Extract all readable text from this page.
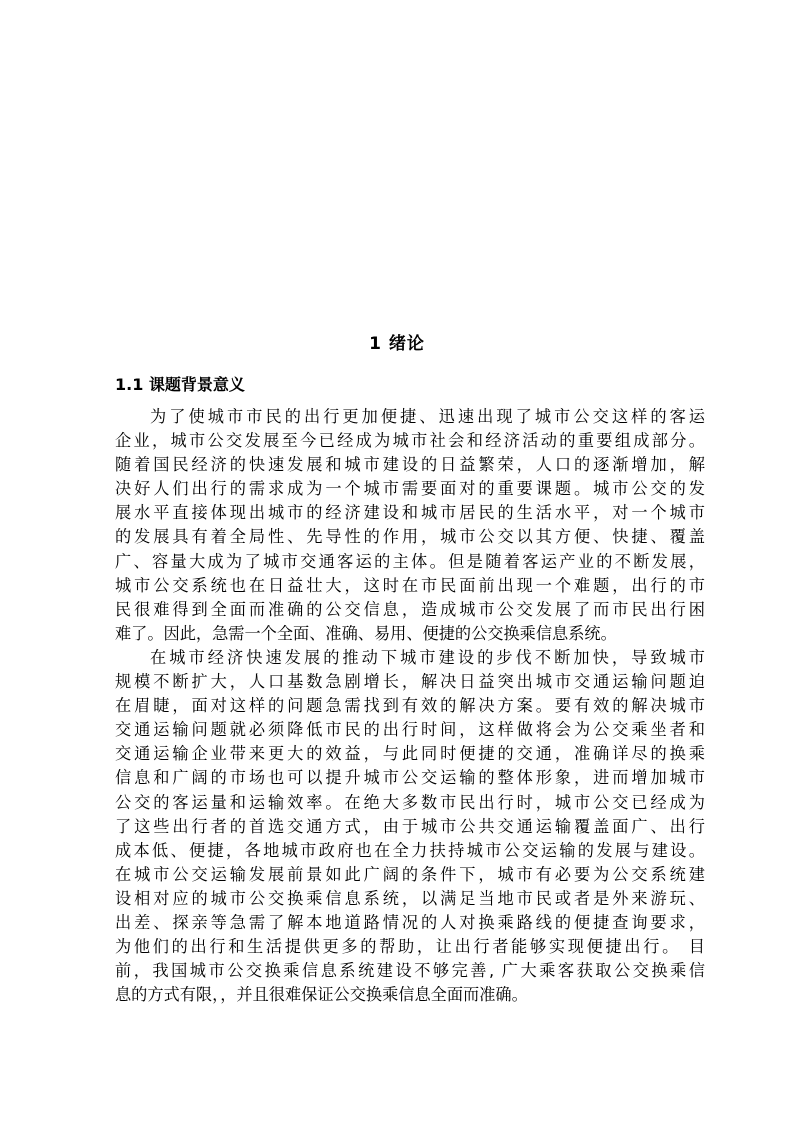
1 绪论
1.1 课题背景意义
为了使城市市民的出行更加便捷、迅速出现了城市公交这样的客运
企业，城市公交发展至今已经成为城市社会和经济活动的重要组成部分。
随着国民经济的快速发展和城市建设的日益繁荣，人口的逐渐增加，解
决好人们出行的需求成为一个城市需要面对的重要课题。城市公交的发
展水平直接体现出城市的经济建设和城市居民的生活水平，对一个城市
的发展具有着全局性、先导性的作用，城市公交以其方便、快捷、覆盖
广、容量大成为了城市交通客运的主体。但是随着客运产业的不断发展，
城市公交系统也在日益壮大，这时在市民面前出现一个难题，出行的市
民很难得到全面而准确的公交信息，造成城市公交发展了而市民出行困
难了。因此，急需一个全面、准确、易用、便捷的公交换乘信息系统。
在城市经济快速发展的推动下城市建设的步伐不断加快，导致城市
规模不断扩大，人口基数急剧增长，解决日益突出城市交通运输问题迫
在眉睫，面对这样的问题急需找到有效的解决方案。要有效的解决城市
交通运输问题就必须降低市民的出行时间，这样做将会为公交乘坐者和
交通运输企业带来更大的效益，与此同时便捷的交通，准确详尽的换乘
信息和广阔的市场也可以提升城市公交运输的整体形象，进而增加城市
公交的客运量和运输效率。在绝大多数市民出行时，城市公交已经成为
了这些出行者的首选交通方式，由于城市公共交通运输覆盖面广、出行
成本低、便捷，各地城市政府也在全力扶持城市公交运输的发展与建设。
在城市公交运输发展前景如此广阔的条件下，城市有必要为公交系统建
设相对应的城市公交换乘信息系统，以满足当地市民或者是外来游玩、
出差、探亲等急需了解本地道路情况的人对换乘路线的便捷查询要求，
为他们的出行和生活提供更多的帮助，让出行者能够实现便捷出行。 目
前，我国城市公交换乘信息系统建设不够完善, 广大乘客获取公交换乘信
息的方式有限，，并且很难保证公交换乘信息全面而准确。
